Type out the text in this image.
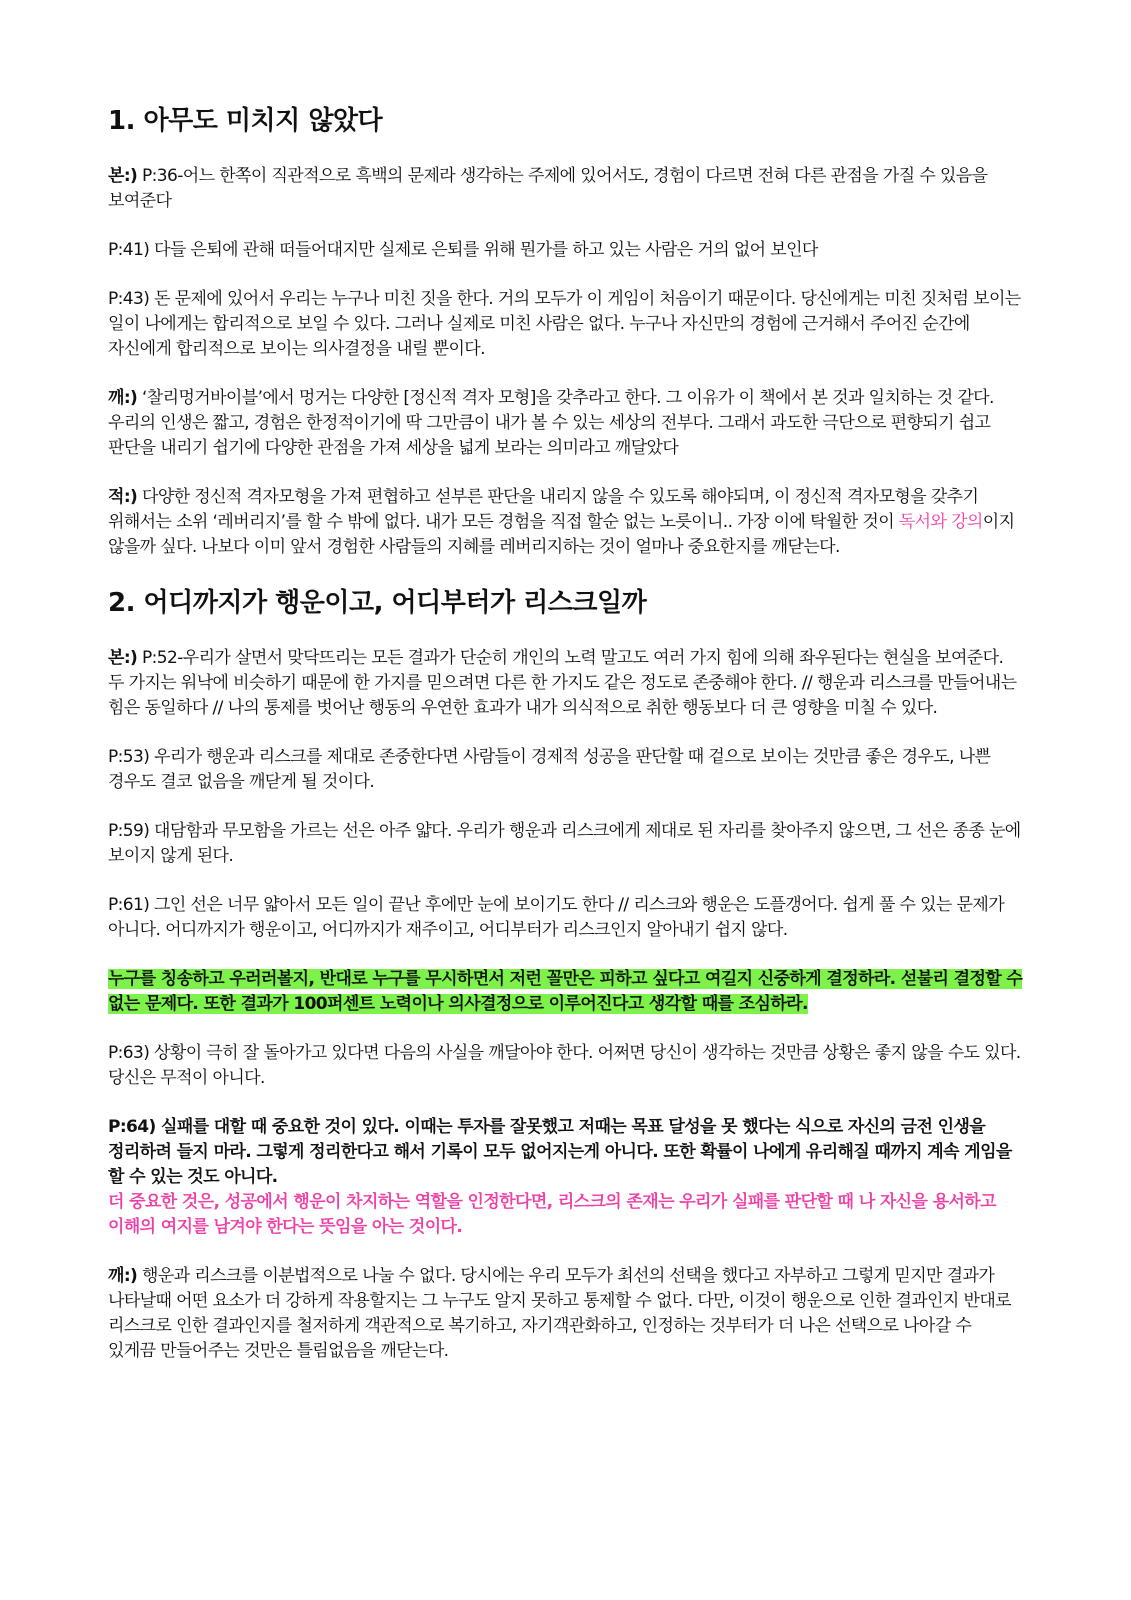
1. 아무도 미치지 않았다

본:) P:36-어느 한쪽이 직관적으로 흑백의 문제라 생각하는 주제에 있어서도, 경험이 다르면 전혀 다른 관점을 가질 수 있음을 보여준다

P:41) 다들 은퇴에 관해 떠들어대지만 실제로 은퇴를 위해 뭔가를 하고 있는 사람은 거의 없어 보인다

P:43) 돈 문제에 있어서 우리는 누구나 미친 짓을 한다. 거의 모두가 이 게임이 처음이기 때문이다. 당신에게는 미친 짓처럼 보이는 일이 나에게는 합리적으로 보일 수 있다. 그러나 실제로 미친 사람은 없다. 누구나 자신만의 경험에 근거해서 주어진 순간에 자신에게 합리적으로 보이는 의사결정을 내릴 뿐이다.

깨:) ‘찰리멍거바이블’에서 멍거는 다양한 [정신적 격자 모형]을 갖추라고 한다. 그 이유가 이 책에서 본 것과 일치하는 것 같다. 우리의 인생은 짧고, 경험은 한정적이기에 딱 그만큼이 내가 볼 수 있는 세상의 전부다. 그래서 과도한 극단으로 편향되기 쉽고 판단을 내리기 쉽기에 다양한 관점을 가져 세상을 넓게 보라는 의미라고 깨달았다

적:) 다양한 정신적 격자모형을 가져 편협하고 섣부른 판단을 내리지 않을 수 있도록 해야되며, 이 정신적 격자모형을 갖추기 위해서는 소위 ‘레버리지’를 할 수 밖에 없다. 내가 모든 경험을 직접 할순 없는 노릇이니.. 가장 이에 탁월한 것이 독서와 강의이지 않을까 싶다. 나보다 이미 앞서 경험한 사람들의 지혜를 레버리지하는 것이 얼마나 중요한지를 깨닫는다.

2. 어디까지가 행운이고, 어디부터가 리스크일까

본:) P:52-우리가 살면서 맞닥뜨리는 모든 결과가 단순히 개인의 노력 말고도 여러 가지 힘에 의해 좌우된다는 현실을 보여준다. 두 가지는 워낙에 비슷하기 때문에 한 가지를 믿으려면 다른 한 가지도 같은 정도로 존중해야 한다. // 행운과 리스크를 만들어내는 힘은 동일하다 // 나의 통제를 벗어난 행동의 우연한 효과가 내가 의식적으로 취한 행동보다 더 큰 영향을 미칠 수 있다.

P:53) 우리가 행운과 리스크를 제대로 존중한다면 사람들이 경제적 성공을 판단할 때 겉으로 보이는 것만큼 좋은 경우도, 나쁜 경우도 결코 없음을 깨닫게 될 것이다.

P:59) 대담함과 무모함을 가르는 선은 아주 얇다. 우리가 행운과 리스크에게 제대로 된 자리를 찾아주지 않으면, 그 선은 종종 눈에 보이지 않게 된다.

P:61) 그인 선은 너무 얇아서 모든 일이 끝난 후에만 눈에 보이기도 한다 // 리스크와 행운은 도플갱어다. 쉽게 풀 수 있는 문제가 아니다. 어디까지가 행운이고, 어디까지가 재주이고, 어디부터가 리스크인지 알아내기 쉽지 않다.

누구를 칭송하고 우러러볼지, 반대로 누구를 무시하면서 저런 꼴만은 피하고 싶다고 여길지 신중하게 결정하라. 섣불리 결정할 수 없는 문제다. 또한 결과가 100퍼센트 노력이나 의사결정으로 이루어진다고 생각할 때를 조심하라.

P:63) 상황이 극히 잘 돌아가고 있다면 다음의 사실을 깨달아야 한다. 어쩌면 당신이 생각하는 것만큼 상황은 좋지 않을 수도 있다. 당신은 무적이 아니다.

P:64) 실패를 대할 때 중요한 것이 있다. 이때는 투자를 잘못했고 저때는 목표 달성을 못 했다는 식으로 자신의 금전 인생을 정리하려 들지 마라. 그렇게 정리한다고 해서 기록이 모두 없어지는게 아니다. 또한 확률이 나에게 유리해질 때까지 계속 게임을 할 수 있는 것도 아니다.
더 중요한 것은, 성공에서 행운이 차지하는 역할을 인정한다면, 리스크의 존재는 우리가 실패를 판단할 때 나 자신을 용서하고 이해의 여지를 남겨야 한다는 뜻임을 아는 것이다.

깨:) 행운과 리스크를 이분법적으로 나눌 수 없다. 당시에는 우리 모두가 최선의 선택을 했다고 자부하고 그렇게 믿지만 결과가 나타날때 어떤 요소가 더 강하게 작용할지는 그 누구도 알지 못하고 통제할 수 없다. 다만, 이것이 행운으로 인한 결과인지 반대로 리스크로 인한 결과인지를 철저하게 객관적으로 복기하고, 자기객관화하고, 인정하는 것부터가 더 나은 선택으로 나아갈 수 있게끔 만들어주는 것만은 틀림없음을 깨닫는다.
